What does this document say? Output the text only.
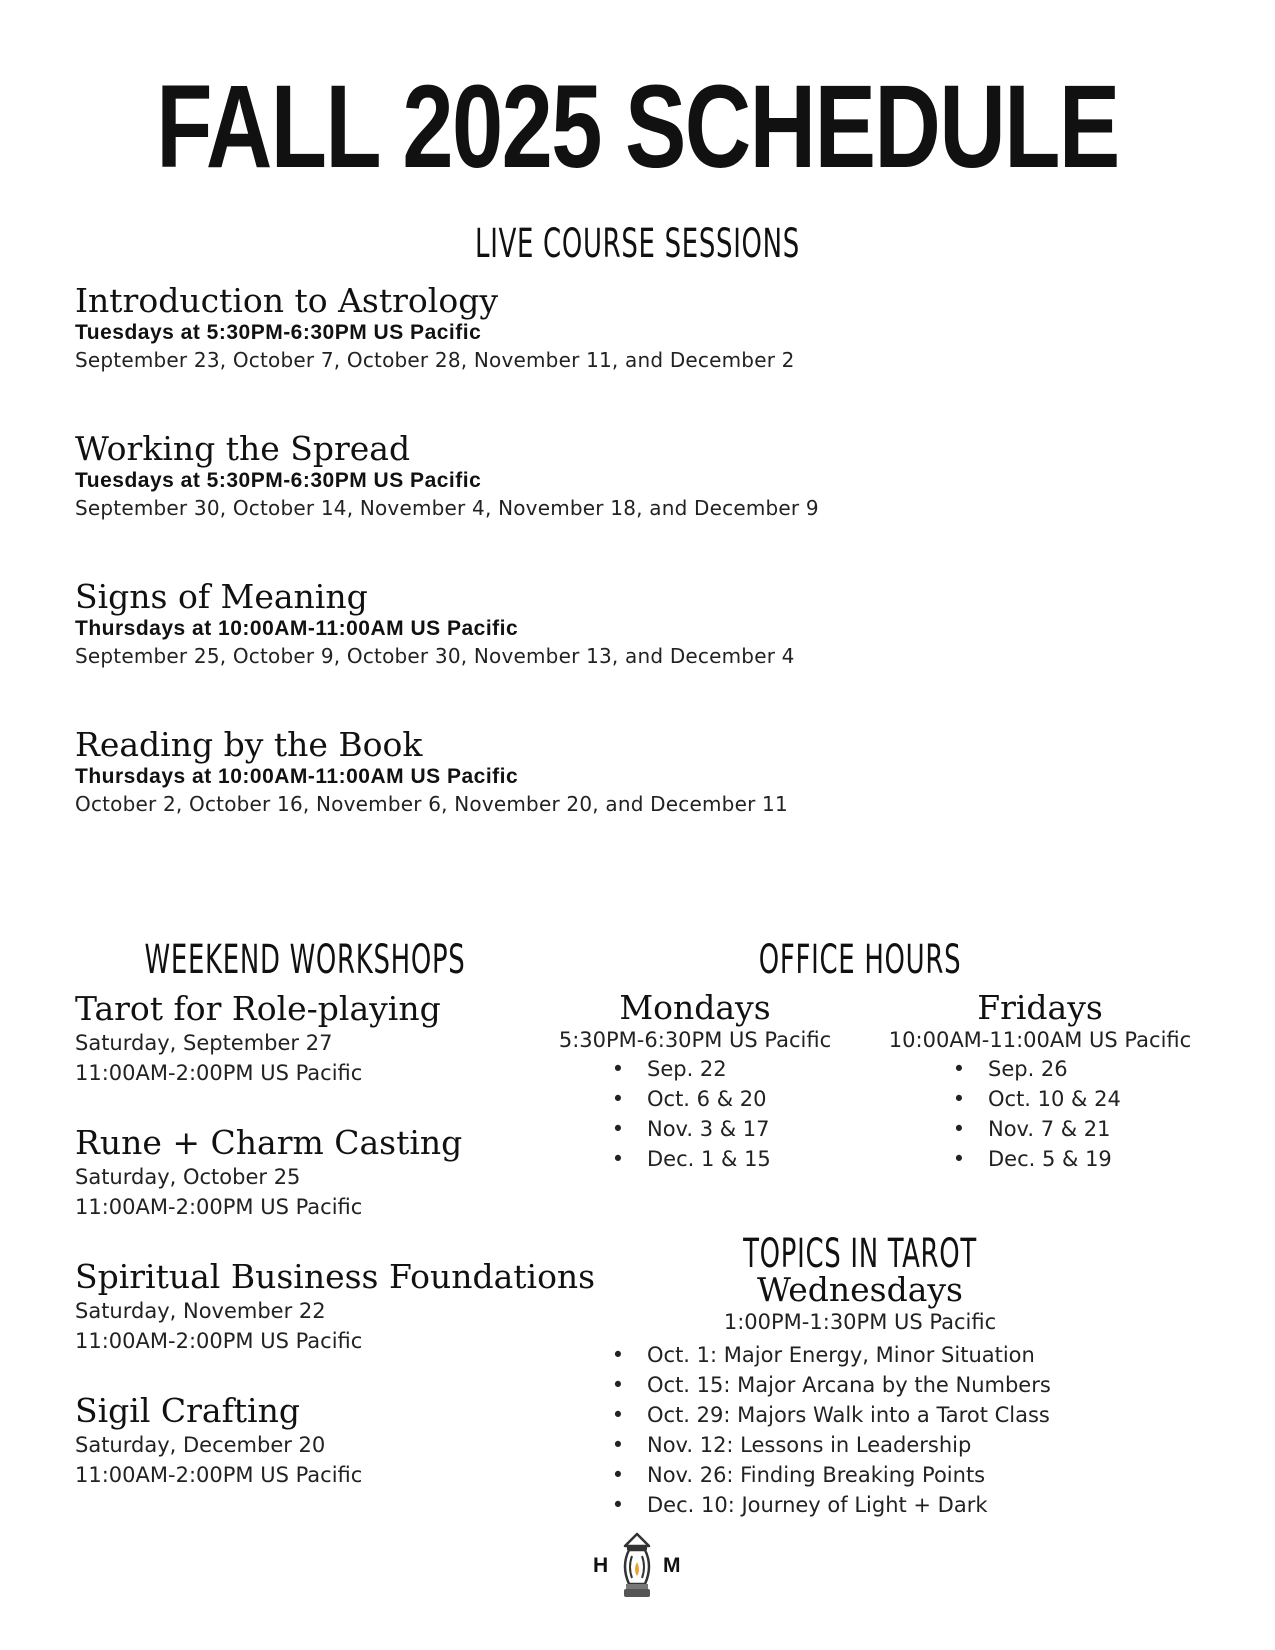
FALL 2025 SCHEDULE
LIVE COURSE SESSIONS
Introduction to Astrology
Tuesdays at 5:30PM-6:30PM US Pacific
September 23, October 7, October 28, November 11, and December 2
Working the Spread
Tuesdays at 5:30PM-6:30PM US Pacific
September 30, October 14, November 4, November 18, and December 9
Signs of Meaning
Thursdays at 10:00AM-11:00AM US Pacific
September 25, October 9, October 30, November 13, and December 4
Reading by the Book
Thursdays at 10:00AM-11:00AM US Pacific
October 2, October 16, November 6, November 20, and December 11
WEEKEND WORKSHOPS
Tarot for Role-playing
Saturday, September 27
11:00AM-2:00PM US Pacific
Rune + Charm Casting
Saturday, October 25
11:00AM-2:00PM US Pacific
Spiritual Business Foundations
Saturday, November 22
11:00AM-2:00PM US Pacific
Sigil Crafting
Saturday, December 20
11:00AM-2:00PM US Pacific
OFFICE HOURS
Mondays
5:30PM-6:30PM US Pacific
• Sep. 22
• Oct. 6 & 20
• Nov. 3 & 17
• Dec. 1 & 15
Fridays
10:00AM-11:00AM US Pacific
• Sep. 26
• Oct. 10 & 24
• Nov. 7 & 21
• Dec. 5 & 19
TOPICS IN TAROT
Wednesdays
1:00PM-1:30PM US Pacific
• Oct. 1: Major Energy, Minor Situation
• Oct. 15: Major Arcana by the Numbers
• Oct. 29: Majors Walk into a Tarot Class
• Nov. 12: Lessons in Leadership
• Nov. 26: Finding Breaking Points
• Dec. 10: Journey of Light + Dark
H	M
